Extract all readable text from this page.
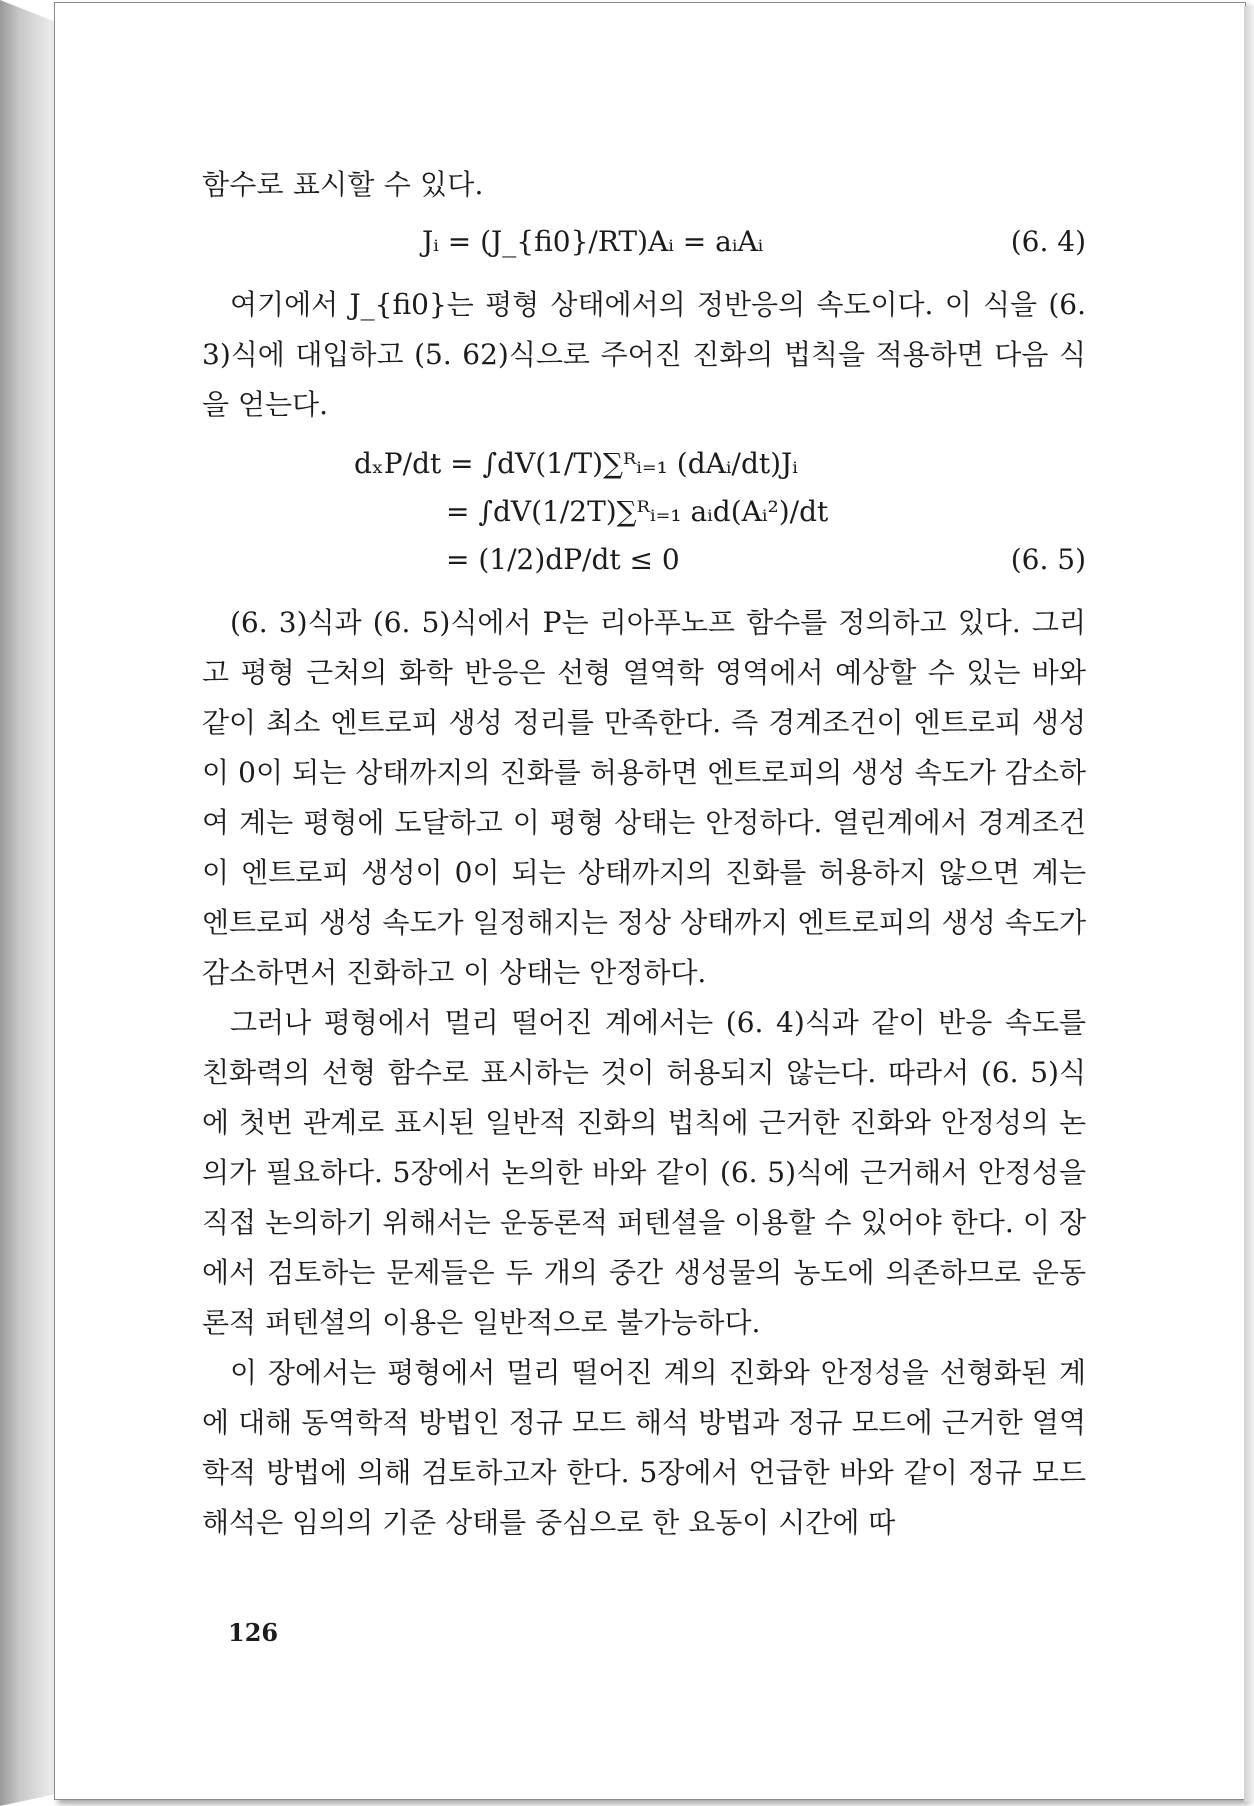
함수로 표시할 수 있다.
Jᵢ = (J_{fi0}/RT)Aᵢ = aᵢAᵢ	(6. 4)

여기에서 J_{fi0}는 평형 상태에서의 정반응의 속도이다. 이 식을 (6. 3)식에 대입하고 (5. 62)식으로 주어진 진화의 법칙을 적용하면 다음 식을 얻는다.

dₓP/dt = ∫dV(1/T)∑ᴿᵢ₌₁ (dAᵢ/dt)Jᵢ
= ∫dV(1/2T)∑ᴿᵢ₌₁ aᵢd(Aᵢ²)/dt
= (1/2)dP/dt ≤ 0	(6. 5)

(6. 3)식과 (6. 5)식에서 P는 리아푸노프 함수를 정의하고 있다. 그리고 평형 근처의 화학 반응은 선형 열역학 영역에서 예상할 수 있는 바와 같이 최소 엔트로피 생성 정리를 만족한다. 즉 경계조건이 엔트로피 생성이 0이 되는 상태까지의 진화를 허용하면 엔트로피의 생성 속도가 감소하여 계는 평형에 도달하고 이 평형 상태는 안정하다. 열린계에서 경계조건이 엔트로피 생성이 0이 되는 상태까지의 진화를 허용하지 않으면 계는 엔트로피 생성 속도가 일정해지는 정상 상태까지 엔트로피의 생성 속도가 감소하면서 진화하고 이 상태는 안정하다.

그러나 평형에서 멀리 떨어진 계에서는 (6. 4)식과 같이 반응 속도를 친화력의 선형 함수로 표시하는 것이 허용되지 않는다. 따라서 (6. 5)식에 첫번 관계로 표시된 일반적 진화의 법칙에 근거한 진화와 안정성의 논의가 필요하다. 5장에서 논의한 바와 같이 (6. 5)식에 근거해서 안정성을 직접 논의하기 위해서는 운동론적 퍼텐셜을 이용할 수 있어야 한다. 이 장에서 검토하는 문제들은 두 개의 중간 생성물의 농도에 의존하므로 운동론적 퍼텐셜의 이용은 일반적으로 불가능하다.

이 장에서는 평형에서 멀리 떨어진 계의 진화와 안정성을 선형화된 계에 대해 동역학적 방법인 정규 모드 해석 방법과 정규 모드에 근거한 열역학적 방법에 의해 검토하고자 한다. 5장에서 언급한 바와 같이 정규 모드 해석은 임의의 기준 상태를 중심으로 한 요동이 시간에 따

126
